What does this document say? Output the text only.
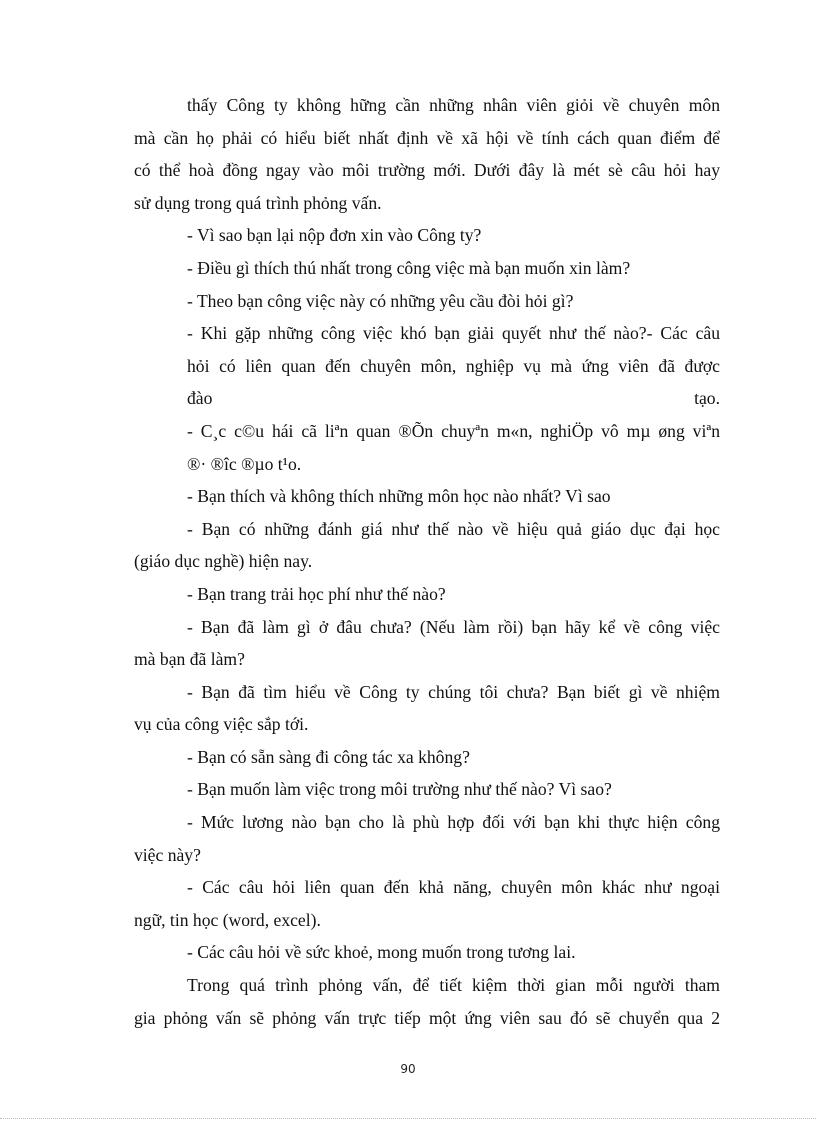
thấy Công ty không hững cần những nhân viên giỏi về chuyên môn
mà cần họ phải có hiểu biết nhất định về xã hội về tính cách quan điểm để
có thể hoà đồng ngay vào môi trường mới. Dưới đây là mét sè câu hỏi hay
sử dụng trong quá trình phỏng vấn.
- Vì sao bạn lại nộp đơn xin vào Công ty?
- Điều gì thích thú nhất trong công việc mà bạn muốn xin làm?
- Theo bạn công việc này có những yêu cầu đòi hỏi gì?
- Khi gặp những công việc khó bạn giải quyết như thế nào?- Các câu
hỏi có liên quan đến chuyên môn, nghiệp vụ mà ứng viên đã được
đào tạo.
- C¸c c©u hái cã liªn quan ®Õn chuyªn m«n, nghiÖp vô mµ øng viªn
®· ®îc ®µo t¹o.
- Bạn thích và không thích những môn học nào nhất? Vì sao
- Bạn có những đánh giá như thế nào về hiệu quả giáo dục đại học
(giáo dục nghề) hiện nay.
- Bạn trang trải học phí như thế nào?
- Bạn đã làm gì ở đâu chưa? (Nếu làm rồi) bạn hãy kể về công việc
mà bạn đã làm?
- Bạn đã tìm hiểu về Công ty chúng tôi chưa? Bạn biết gì về nhiệm
vụ của công việc sắp tới.
- Bạn có sẵn sàng đi công tác xa không?
- Bạn muốn làm việc trong môi trường như thế nào? Vì sao?
- Mức lương nào bạn cho là phù hợp đối với bạn khi thực hiện công
việc này?
- Các câu hỏi liên quan đến khả năng, chuyên môn khác như ngoại
ngữ, tin học (word, excel).
- Các câu hỏi về sức khoẻ, mong muốn trong tương lai.
Trong quá trình phỏng vấn, để tiết kiệm thời gian mỗi người tham
gia phỏng vấn sẽ phỏng vấn trực tiếp một ứng viên sau đó sẽ chuyển qua 2
90
